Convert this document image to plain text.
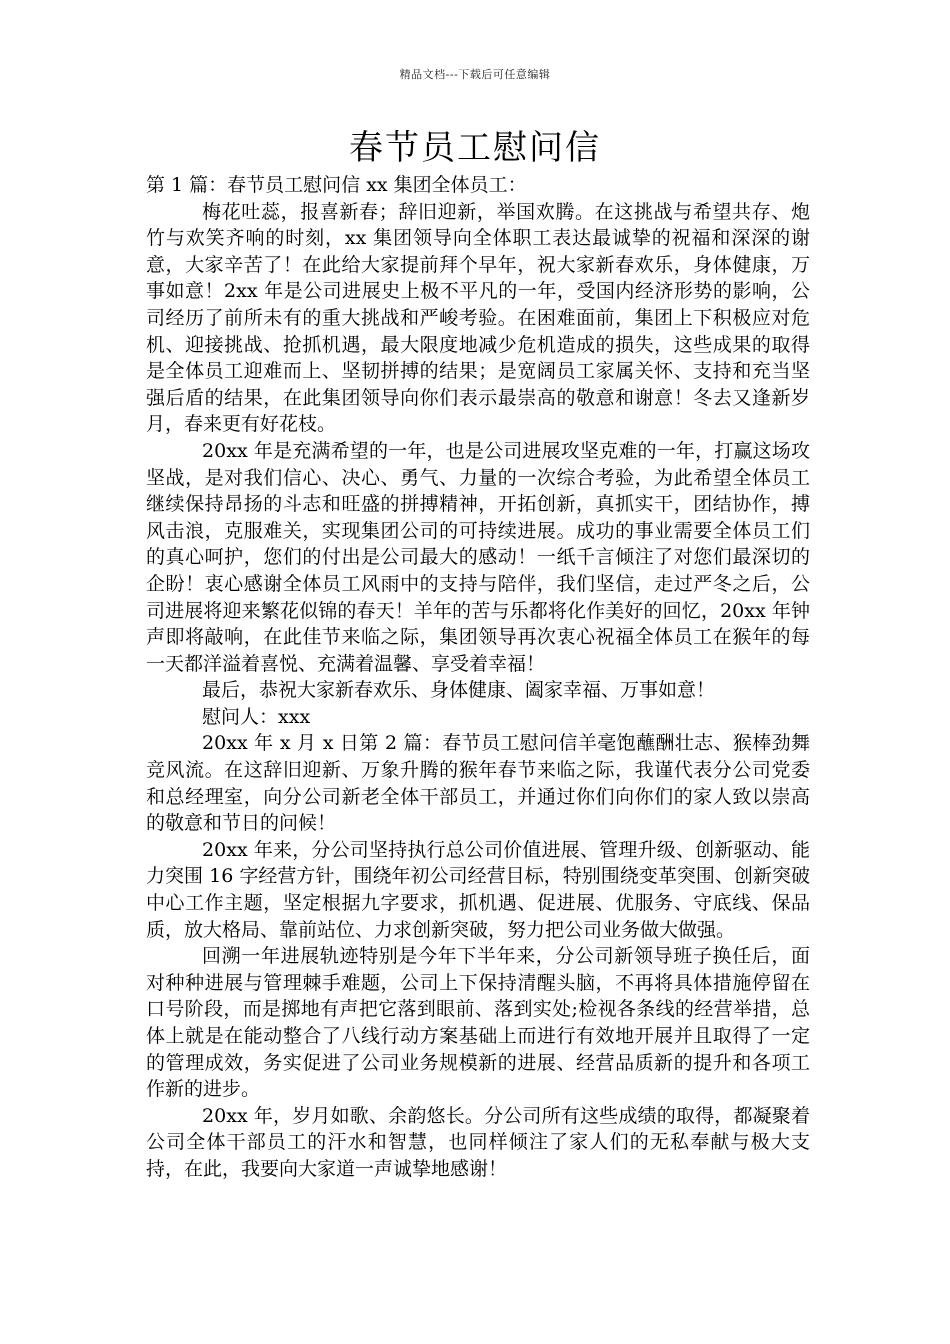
精品文档---下载后可任意编辑
春节员工慰问信

第 1 篇：春节员工慰问信 xx 集团全体员工：

梅花吐蕊，报喜新春；辞旧迎新，举国欢腾。在这挑战与希望共存、炮竹与欢笑齐响的时刻，xx 集团领导向全体职工表达最诚挚的祝福和深深的谢意，大家辛苦了！在此给大家提前拜个早年，祝大家新春欢乐，身体健康，万事如意！2xx 年是公司进展史上极不平凡的一年，受国内经济形势的影响，公司经历了前所未有的重大挑战和严峻考验。在困难面前，集团上下积极应对危机、迎接挑战、抢抓机遇，最大限度地减少危机造成的损失，这些成果的取得是全体员工迎难而上、坚韧拼搏的结果；是宽阔员工家属关怀、支持和充当坚强后盾的结果，在此集团领导向你们表示最崇高的敬意和谢意！冬去又逢新岁月，春来更有好花枝。

20xx 年是充满希望的一年，也是公司进展攻坚克难的一年，打赢这场攻坚战，是对我们信心、决心、勇气、力量的一次综合考验，为此希望全体员工继续保持昂扬的斗志和旺盛的拼搏精神，开拓创新，真抓实干，团结协作，搏风击浪，克服难关，实现集团公司的可持续进展。成功的事业需要全体员工们的真心呵护，您们的付出是公司最大的感动！一纸千言倾注了对您们最深切的企盼！衷心感谢全体员工风雨中的支持与陪伴，我们坚信，走过严冬之后，公司进展将迎来繁花似锦的春天！羊年的苦与乐都将化作美好的回忆，20xx 年钟声即将敲响，在此佳节来临之际，集团领导再次衷心祝福全体员工在猴年的每一天都洋溢着喜悦、充满着温馨、享受着幸福！

最后，恭祝大家新春欢乐、身体健康、阖家幸福、万事如意！

慰问人：xxx

20xx 年 x 月 x 日第 2 篇：春节员工慰问信羊毫饱蘸酬壮志、猴棒劲舞竞风流。在这辞旧迎新、万象升腾的猴年春节来临之际，我谨代表分公司党委和总经理室，向分公司新老全体干部员工，并通过你们向你们的家人致以崇高的敬意和节日的问候！

20xx 年来，分公司坚持执行总公司价值进展、管理升级、创新驱动、能力突围 16 字经营方针，围绕年初公司经营目标，特别围绕变革突围、创新突破中心工作主题，坚定根据九字要求，抓机遇、促进展、优服务、守底线、保品质，放大格局、靠前站位、力求创新突破，努力把公司业务做大做强。

回溯一年进展轨迹特别是今年下半年来，分公司新领导班子换任后，面对种种进展与管理棘手难题，公司上下保持清醒头脑，不再将具体措施停留在口号阶段，而是掷地有声把它落到眼前、落到实处;检视各条线的经营举措，总体上就是在能动整合了八线行动方案基础上而进行有效地开展并且取得了一定的管理成效，务实促进了公司业务规模新的进展、经营品质新的提升和各项工作新的进步。

20xx 年，岁月如歌、余韵悠长。分公司所有这些成绩的取得，都凝聚着公司全体干部员工的汗水和智慧，也同样倾注了家人们的无私奉献与极大支持，在此，我要向大家道一声诚挚地感谢！
